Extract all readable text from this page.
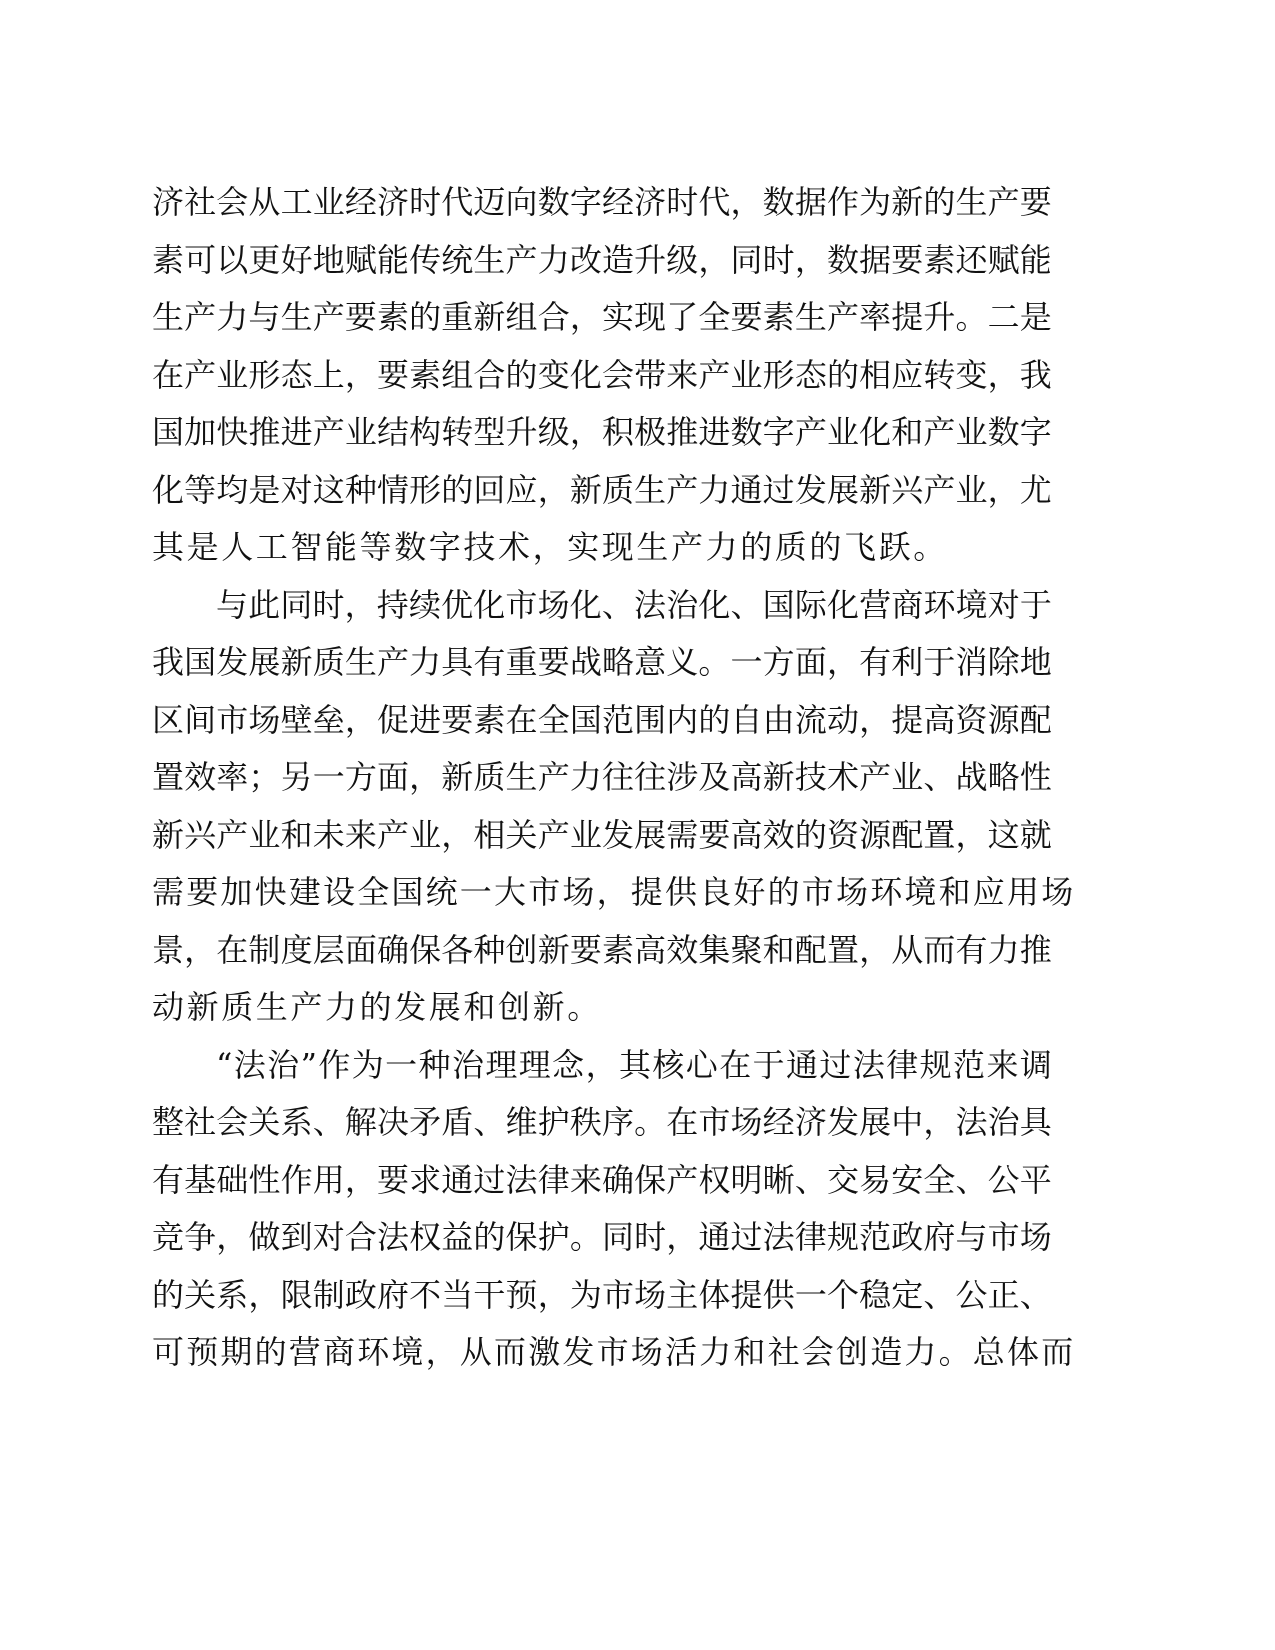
济 社 会 从 工 业 经 济 时 代 迈 向 数 字 经 济 时 代 ， 数 据 作 为 新 的 生 产 要
素 可 以 更 好 地 赋 能 传 统 生 产 力 改 造 升 级 ， 同 时 ， 数 据 要 素 还 赋 能
生 产 力 与 生 产 要 素 的 重 新 组 合 ， 实 现 了 全 要 素 生 产 率 提 升 。 二 是
在 产 业 形 态 上 ， 要 素 组 合 的 变 化 会 带 来 产 业 形 态 的 相 应 转 变 ， 我
国 加 快 推 进 产 业 结 构 转 型 升 级 ， 积 极 推 进 数 字 产 业 化 和 产 业 数 字
化 等 均 是 对 这 种 情 形 的 回 应 ， 新 质 生 产 力 通 过 发 展 新 兴 产 业 ， 尤
其是人工智能等数字技术，实现生产力的质的飞跃。
与 此 同 时 ， 持 续 优 化 市 场 化 、 法 治 化 、 国 际 化 营 商 环 境 对 于
我 国 发 展 新 质 生 产 力 具 有 重 要 战 略 意 义 。 一 方 面 ， 有 利 于 消 除 地
区 间 市 场 壁 垒 ， 促 进 要 素 在 全 国 范 围 内 的 自 由 流 动 ， 提 高 资 源 配
置 效 率 ； 另 一 方 面 ， 新 质 生 产 力 往 往 涉 及 高 新 技 术 产 业 、 战 略 性
新 兴 产 业 和 未 来 产 业 ， 相 关 产 业 发 展 需 要 高 效 的 资 源 配 置 ， 这 就
需要加快建设全国统一大市场，提供良好的市场环境和应用场
景 ， 在 制 度 层 面 确 保 各 种 创 新 要 素 高 效 集 聚 和 配 置 ， 从 而 有 力 推
动新质生产力的发展和创新。
“ 法 治 ” 作 为 一 种 治 理 理 念 ， 其 核 心 在 于 通 过 法 律 规 范 来 调
整 社 会 关 系 、 解 决 矛 盾 、 维 护 秩 序 。 在 市 场 经 济 发 展 中 ， 法 治 具
有 基 础 性 作 用 ， 要 求 通 过 法 律 来 确 保 产 权 明 晰 、 交 易 安 全 、 公 平
竞 争 ， 做 到 对 合 法 权 益 的 保 护 。 同 时 ， 通 过 法 律 规 范 政 府 与 市 场
的 关 系 ， 限 制 政 府 不 当 干 预 ， 为 市 场 主 体 提 供 一 个 稳 定 、 公 正 、
可预期的营商环境，从而激发市场活力和社会创造力。总体而
